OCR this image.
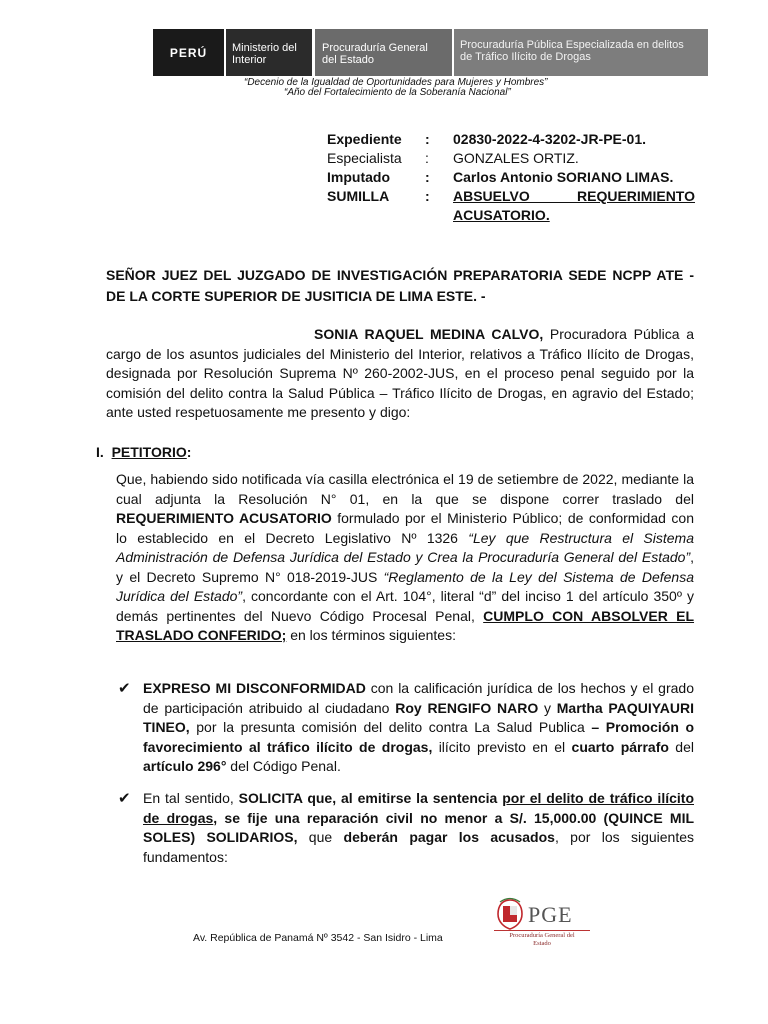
PERÚ	Ministerio del
Interior
Procuraduría General
del Estado
Procuraduría Pública Especializada en delitos
de Tráfico Ilícito de Drogas
“Decenio de la Igualdad de Oportunidades para Mujeres y Hombres”
“Año del Fortalecimiento de la Soberanía Nacional”
Expediente	:	02830-2022-4-3202-JR-PE-01.
Especialista	:	GONZALES ORTIZ.
Imputado	:	Carlos Antonio SORIANO LIMAS.
SUMILLA	:	ABSUELVO REQUERIMIENTO ACUSATORIO.

SEÑOR JUEZ DEL JUZGADO DE INVESTIGACIÓN PREPARATORIA SEDE NCPP ATE - DE LA CORTE SUPERIOR DE JUSITICIA DE LIMA ESTE. -

SONIA RAQUEL MEDINA CALVO, Procuradora Pública a cargo de los asuntos judiciales del Ministerio del Interior, relativos a Tráfico Ilícito de Drogas, designada por Resolución Suprema Nº 260-2002-JUS, en el proceso penal seguido por la comisión del delito contra la Salud Pública – Tráfico Ilícito de Drogas, en agravio del Estado; ante usted respetuosamente me presento y digo:

I. PETITORIO:

Que, habiendo sido notificada vía casilla electrónica el 19 de setiembre de 2022, mediante la cual adjunta la Resolución N° 01, en la que se dispone correr traslado del REQUERIMIENTO ACUSATORIO formulado por el Ministerio Público; de conformidad con lo establecido en el Decreto Legislativo Nº 1326 “Ley que Restructura el Sistema Administración de Defensa Jurídica del Estado y Crea la Procuraduría General del Estado”, y el Decreto Supremo N° 018-2019-JUS “Reglamento de la Ley del Sistema de Defensa Jurídica del Estado”, concordante con el Art. 104°, literal “d” del inciso 1 del artículo 350º y demás pertinentes del Nuevo Código Procesal Penal, CUMPLO CON ABSOLVER EL TRASLADO CONFERIDO; en los términos siguientes:

✔ EXPRESO MI DISCONFORMIDAD con la calificación jurídica de los hechos y el grado de participación atribuido al ciudadano Roy RENGIFO NARO y Martha PAQUIYAURI TINEO, por la presunta comisión del delito contra La Salud Publica – Promoción o favorecimiento al tráfico ilícito de drogas, ilícito previsto en el cuarto párrafo del artículo 296° del Código Penal.

✔ En tal sentido, SOLICITA que, al emitirse la sentencia por el delito de tráfico ilícito de drogas, se fije una reparación civil no menor a S/. 15,000.00 (QUINCE MIL SOLES) SOLIDARIOS, que deberán pagar los acusados, por los siguientes fundamentos:

Av. República de Panamá Nº 3542 - San Isidro - Lima
PGE
Procuraduría General del
Estado
